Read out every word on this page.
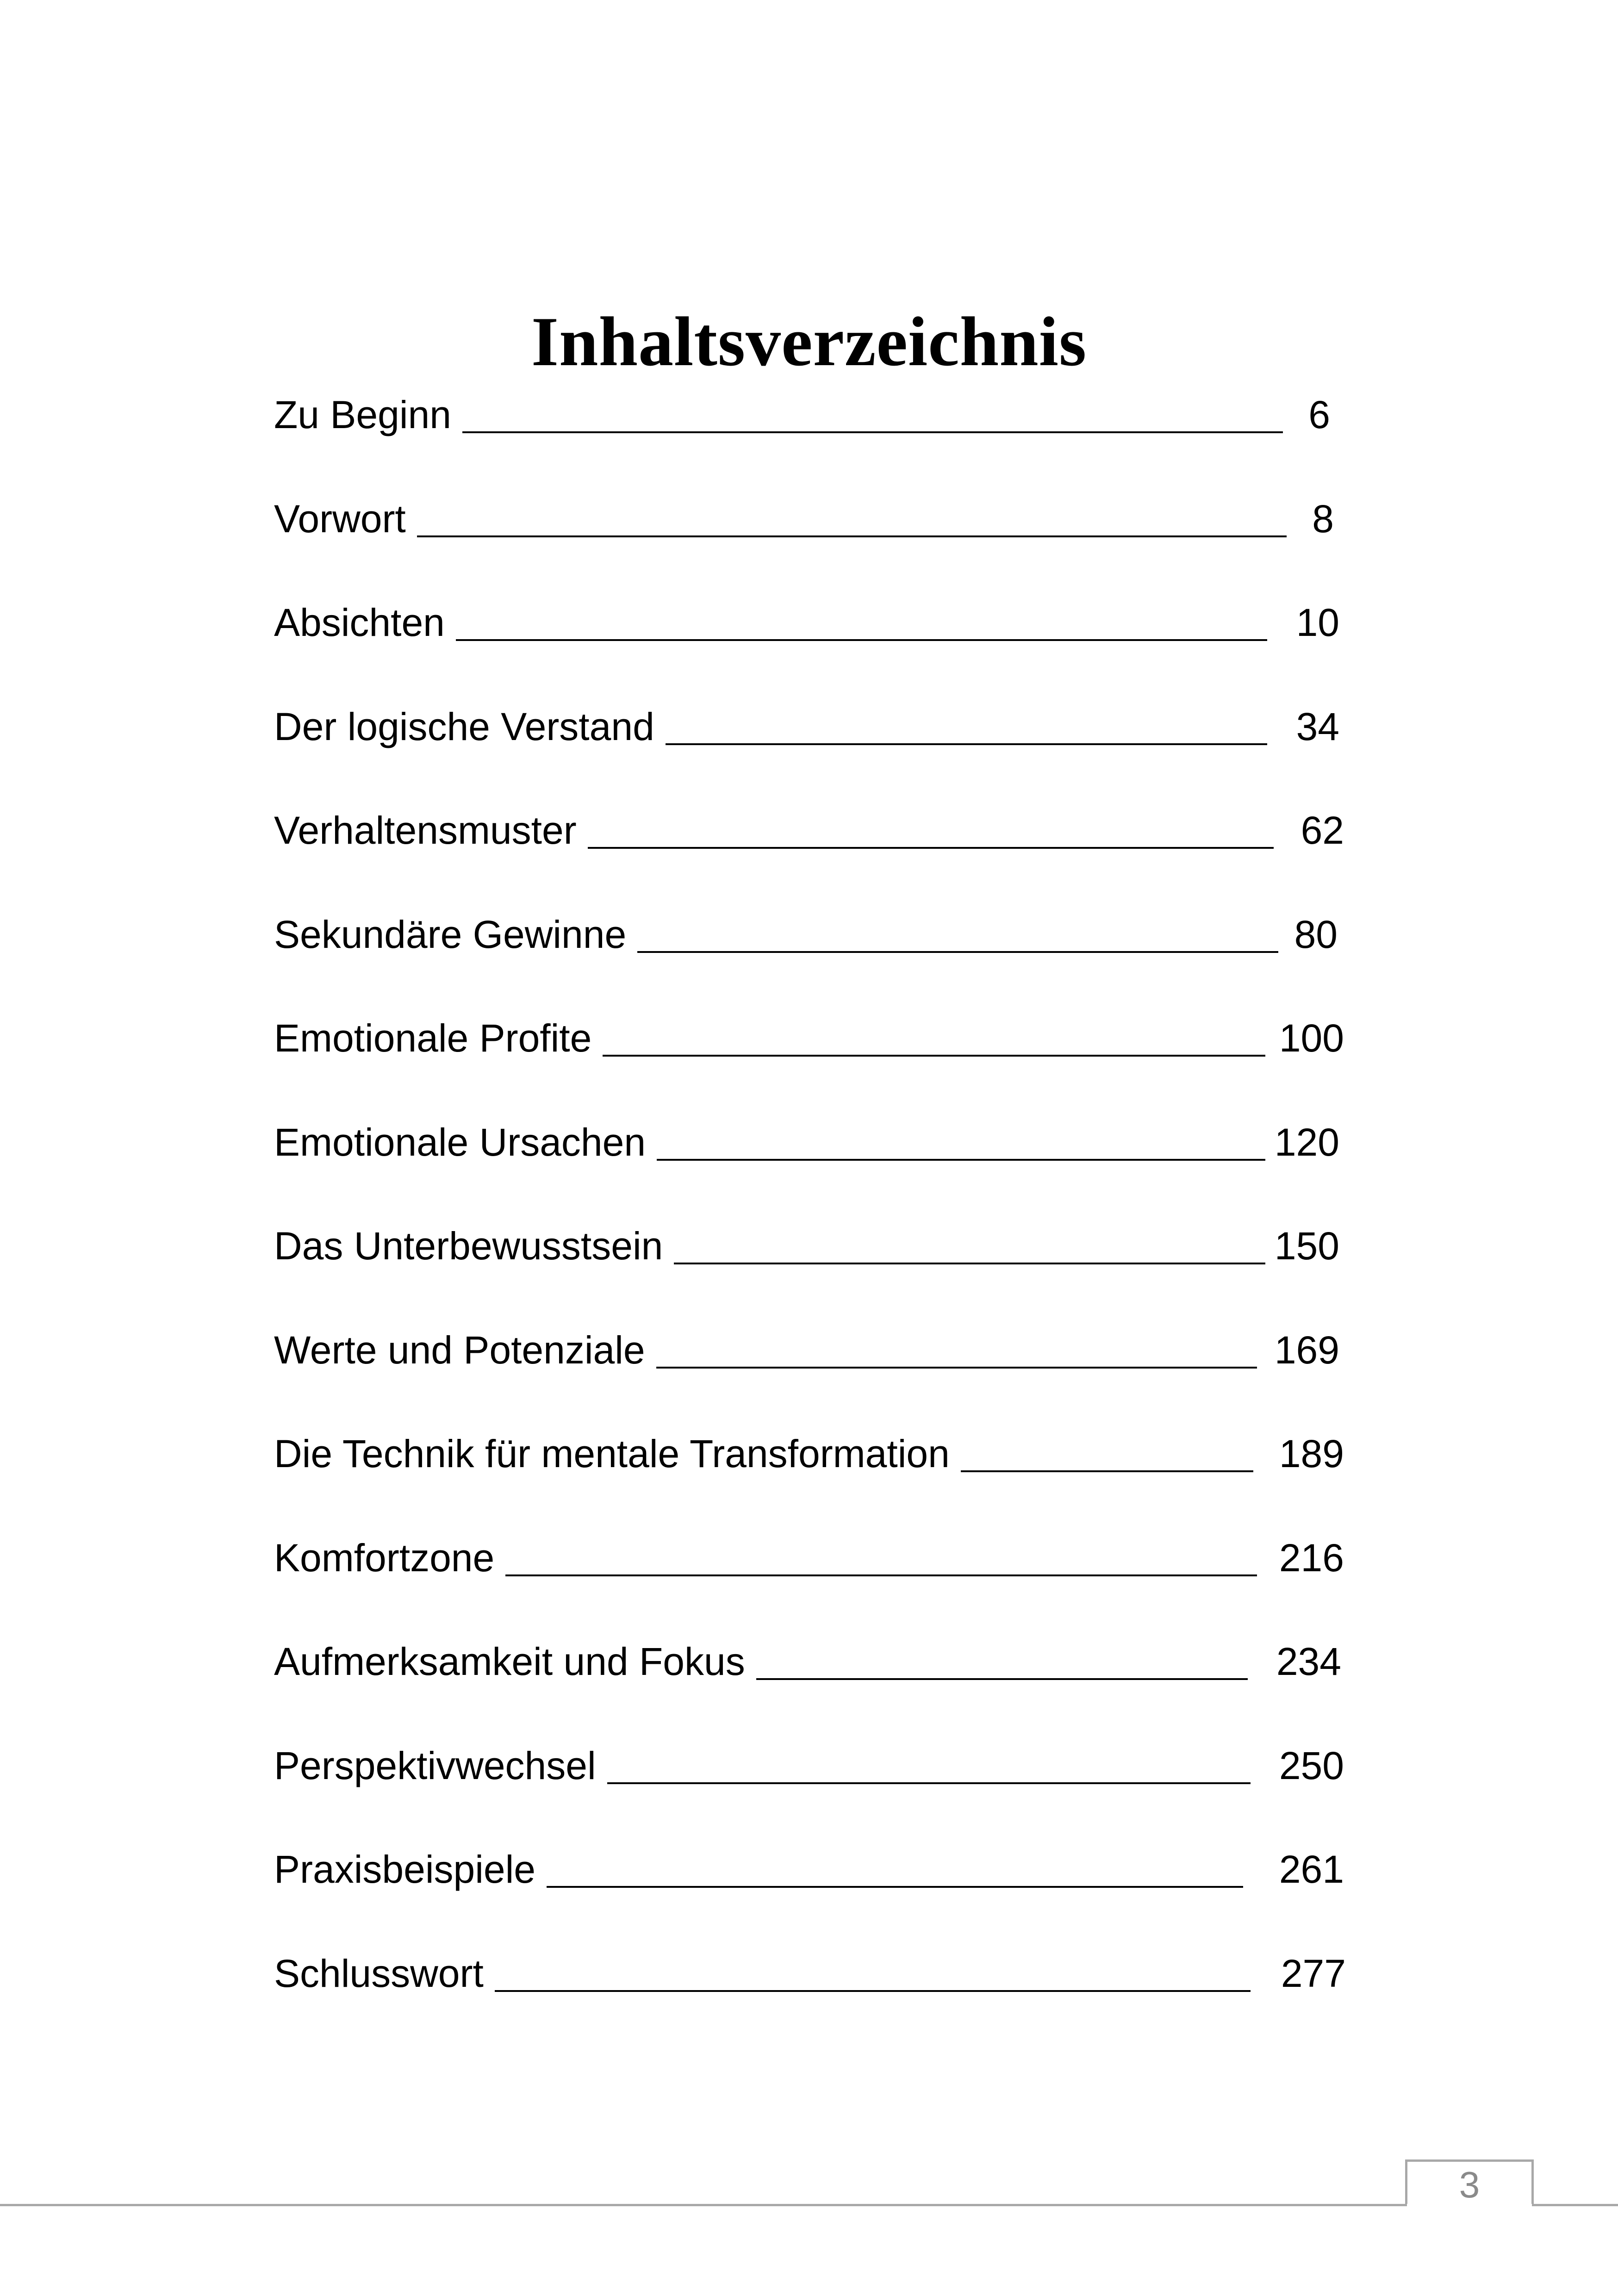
Inhaltsverzeichnis
Zu Beginn	6
Vorwort	8
Absichten	10
Der logische Verstand	34
Verhaltensmuster	62
Sekundäre Gewinne	80
Emotionale Profite	100
Emotionale Ursachen	120
Das Unterbewusstsein	150
Werte und Potenziale	169
Die Technik für mentale Transformation	189
Komfortzone	216
Aufmerksamkeit und Fokus	234
Perspektivwechsel	250
Praxisbeispiele	261
Schlusswort	277
3
